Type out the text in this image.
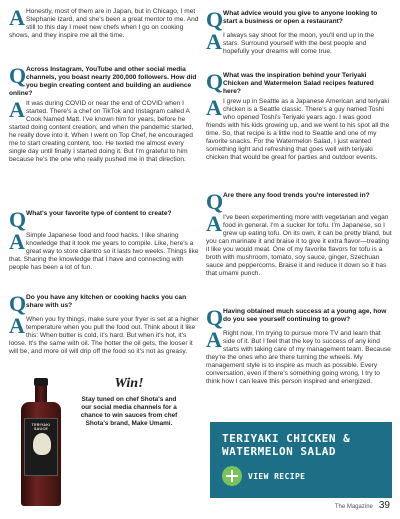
A Honestly, most of them are in Japan, but in Chicago, I met Stephanie Izard, and she's been a great mentor to me. And still to this day I meet new chefs when I go on cooking shows, and they inspire me all the time.

Q Across Instagram, YouTube and other social media channels, you boast nearly 200,000 followers. How did you begin creating content and building an audience online?

A It was during COVID or near the end of COVID when I started. There's a chef on TikTok and Instagram called A Cook Named Matt. I've known him for years, before he started doing content creation, and when the pandemic started, he really dove into it. When I went on Top Chef, he encouraged me to start creating content, too. He texted me almost every single day until finally I started doing it. But I'm grateful to him because he's the one who really pushed me in that direction.

Q What's your favorite type of content to create?

A Simple Japanese food and food hacks. I like sharing knowledge that it took me years to compile. Like, here's a great way to store cilantro so it lasts two weeks. Things like that. Sharing the knowledge that I have and connecting with people has been a lot of fun.

Q Do you have any kitchen or cooking hacks you can share with us?

A When you fry things, make sure your fryer is set at a higher temperature when you pull the food out. Think about it like this: When butter is cold, it's hard. But when it's hot, it's loose. It's the same with oil. The hotter the oil gets, the looser it will be, and more oil will drip off the food so it's not as greasy.

TERIYAKI SAUCE
Win!
Stay tuned on chef Shota's and our social media channels for a chance to win sauces from chef Shota's brand, Make Umami.
Q What advice would you give to anyone looking to start a business or open a restaurant?

A I always say shoot for the moon, you'll end up in the stars. Surround yourself with the best people and hopefully your dreams will come true.

Q What was the inspiration behind your Teriyaki Chicken and Watermelon Salad recipes featured here?

A I grew up in Seattle as a Japanese American and teriyaki chicken is a Seattle classic. There's a guy named Toshi who opened Toshi's Teriyaki years ago. I was good friends with his kids growing up, and we went to his spot all the time. So, that recipe is a little nod to Seattle and one of my favorite snacks. For the Watermelon Salad, I just wanted something light and refreshing that goes well with teriyaki chicken that would be great for parties and outdoor events.

Q Are there any food trends you're interested in?

A I've been experimenting more with vegetarian and vegan food in general. I'm a sucker for tofu. I'm Japanese, so I grew up eating tofu. On its own, it can be pretty bland, but you can marinate it and braise it to give it extra flavor—treating it like you would meat. One of my favorite flavors for tofu is a broth with mushroom, tomato, soy sauce, ginger, Szechuan sauce and peppercorns. Braise it and reduce it down so it has that umami punch.

Q Having obtained much success at a young age, how do you see yourself continuing to grow?

A Right now, I'm trying to pursue more TV and learn that side of it. But I feel that the key to success of any kind starts with taking care of my management team. Because they're the ones who are there turning the wheels. My management style is to inspire as much as possible. Every conversation, even if there's something going wrong, I try to think how I can leave this person inspired and energized.

TERIYAKI CHICKEN &
WATERMELON SALAD
VIEW RECIPE
The Magazine 39
